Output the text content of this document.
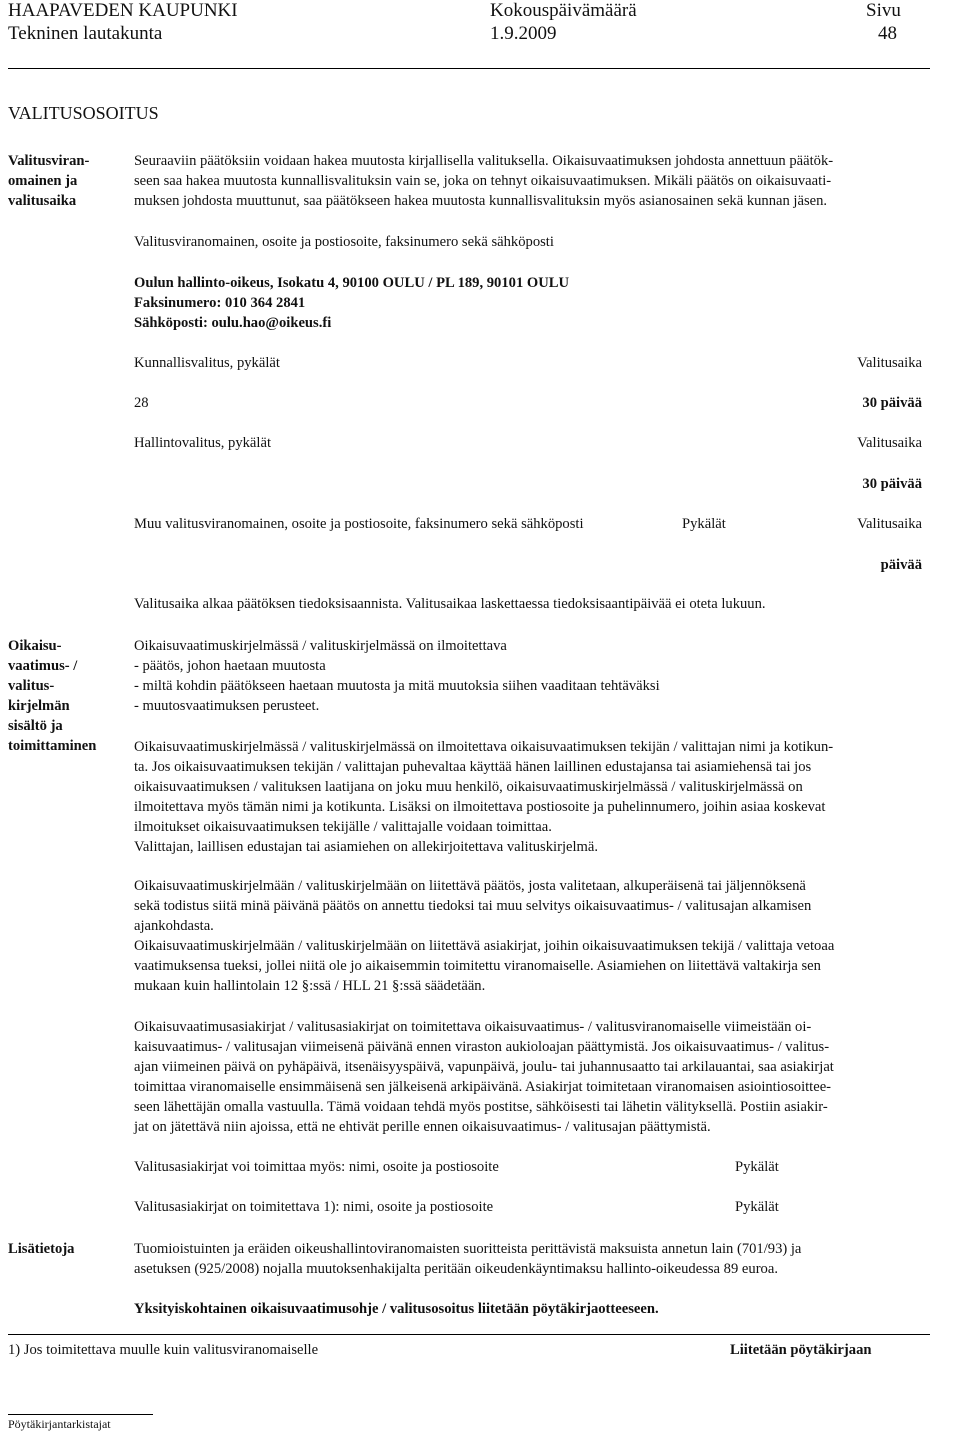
HAAPAVEDEN KAUPUNKI
Tekninen lautakunta
Kokouspäivämäärä
1.9.2009
Sivu
48
VALITUSOSOITUS
Valitusviran-
omainen ja
valitusaika
Seuraaviin päätöksiin voidaan hakea muutosta kirjallisella valituksella. Oikaisuvaatimuksen johdosta annettuun päätök-
seen saa hakea muutosta kunnallisvalituksin vain se, joka on tehnyt oikaisuvaatimuksen. Mikäli päätös on oikaisuvaati-
muksen johdosta muuttunut, saa päätökseen hakea muutosta kunnallisvalituksin myös asianosainen sekä kunnan jäsen.
Valitusviranomainen, osoite ja postiosoite, faksinumero sekä sähköposti
Oulun hallinto-oikeus, Isokatu 4, 90100 OULU / PL 189, 90101 OULU
Faksinumero: 010 364 2841
Sähköposti: oulu.hao@oikeus.fi
Kunnallisvalitus, pykälät	Valitusaika
28	30 päivää
Hallintovalitus, pykälät	Valitusaika
30 päivää
Muu valitusviranomainen, osoite ja postiosoite, faksinumero sekä sähköposti	Pykälät	Valitusaika
päivää
Valitusaika alkaa päätöksen tiedoksisaannista. Valitusaikaa laskettaessa tiedoksisaantipäivää ei oteta lukuun.
Oikaisu-
vaatimus- /
valitus-
kirjelmän
sisältö ja
toimittaminen
Oikaisuvaatimuskirjelmässä / valituskirjelmässä on ilmoitettava
- päätös, johon haetaan muutosta
- miltä kohdin päätökseen haetaan muutosta ja mitä muutoksia siihen vaaditaan tehtäväksi
- muutosvaatimuksen perusteet.
Oikaisuvaatimuskirjelmässä / valituskirjelmässä on ilmoitettava oikaisuvaatimuksen tekijän / valittajan nimi ja kotikun-
ta. Jos oikaisuvaatimuksen tekijän / valittajan puhevaltaa käyttää hänen laillinen edustajansa tai asiamiehensä tai jos
oikaisuvaatimuksen / valituksen laatijana on joku muu henkilö, oikaisuvaatimuskirjelmässä / valituskirjelmässä on
ilmoitettava myös tämän nimi ja kotikunta. Lisäksi on ilmoitettava postiosoite ja puhelinnumero, joihin asiaa koskevat
ilmoitukset oikaisuvaatimuksen tekijälle / valittajalle voidaan toimittaa.
Valittajan, laillisen edustajan tai asiamiehen on allekirjoitettava valituskirjelmä.
Oikaisuvaatimuskirjelmään / valituskirjelmään on liitettävä päätös, josta valitetaan, alkuperäisenä tai jäljennöksenä
sekä todistus siitä minä päivänä päätös on annettu tiedoksi tai muu selvitys oikaisuvaatimus- / valitusajan alkamisen
ajankohdasta.
Oikaisuvaatimuskirjelmään / valituskirjelmään on liitettävä asiakirjat, joihin oikaisuvaatimuksen tekijä / valittaja vetoaa
vaatimuksensa tueksi, jollei niitä ole jo aikaisemmin toimitettu viranomaiselle. Asiamiehen on liitettävä valtakirja sen
mukaan kuin hallintolain 12 §:ssä / HLL 21 §:ssä säädetään.
Oikaisuvaatimusasiakirjat / valitusasiakirjat on toimitettava oikaisuvaatimus- / valitusviranomaiselle viimeistään oi-
kaisuvaatimus- / valitusajan viimeisenä päivänä ennen viraston aukioloajan päättymistä. Jos oikaisuvaatimus- / valitus-
ajan viimeinen päivä on pyhäpäivä, itsenäisyyspäivä, vapunpäivä, joulu- tai juhannusaatto tai arkilauantai, saa asiakirjat
toimittaa viranomaiselle ensimmäisenä sen jälkeisenä arkipäivänä. Asiakirjat toimitetaan viranomaisen asiointiosoittee-
seen lähettäjän omalla vastuulla. Tämä voidaan tehdä myös postitse, sähköisesti tai lähetin välityksellä. Postiin asiakir-
jat on jätettävä niin ajoissa, että ne ehtivät perille ennen oikaisuvaatimus- / valitusajan päättymistä.
Valitusasiakirjat voi toimittaa myös: nimi, osoite ja postiosoite	Pykälät
Valitusasiakirjat on toimitettava 1): nimi, osoite ja postiosoite	Pykälät
Lisätietoja	Tuomioistuinten ja eräiden oikeushallintoviranomaisten suoritteista perittävistä maksuista annetun lain (701/93) ja
asetuksen (925/2008) nojalla muutoksenhakijalta peritään oikeudenkäyntimaksu hallinto-oikeudessa 89 euroa.
Yksityiskohtainen oikaisuvaatimusohje / valitusosoitus liitetään pöytäkirjaotteeseen.
1) Jos toimitettava muulle kuin valitusviranomaiselle	Liitetään pöytäkirjaan
Pöytäkirjantarkistajat
